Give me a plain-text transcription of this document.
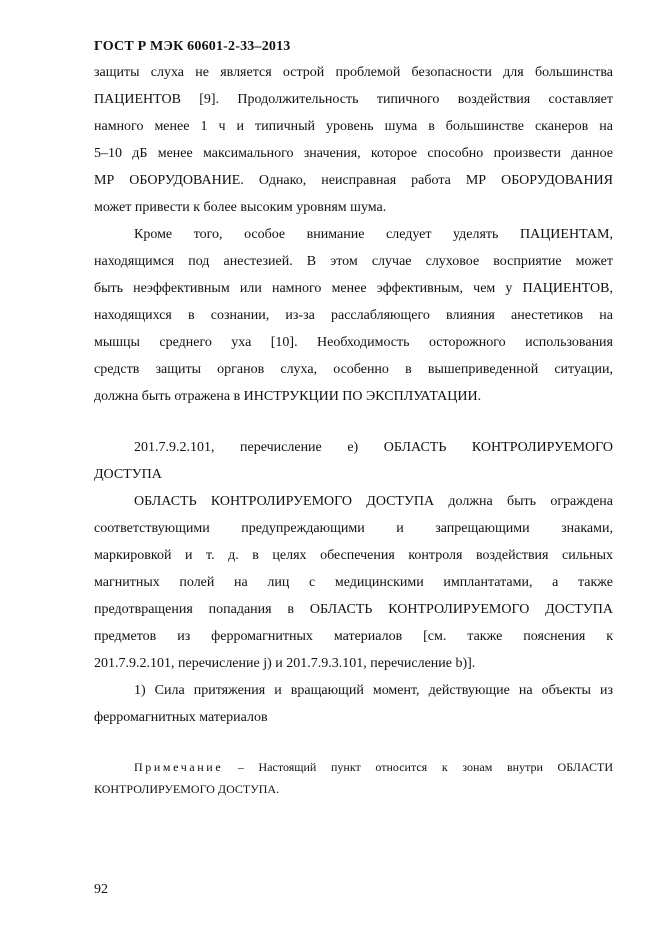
ГОСТ Р МЭК 60601-2-33–2013
защиты слуха не является острой проблемой безопасности для большинства
ПАЦИЕНТОВ [9]. Продолжительность типичного воздействия составляет
намного менее 1 ч и типичный уровень шума в большинстве сканеров на
5–10 дБ менее максимального значения, которое способно произвести данное
МР ОБОРУДОВАНИЕ. Однако, неисправная работа МР ОБОРУДОВАНИЯ
может привести к более высоким уровням шума.
Кроме того, особое внимание следует уделять ПАЦИЕНТАМ,
находящимся под анестезией. В этом случае слуховое восприятие может
быть неэффективным или намного менее эффективным, чем у ПАЦИЕНТОВ,
находящихся в сознании, из-за расслабляющего влияния анестетиков на
мышцы среднего уха [10]. Необходимость осторожного использования
средств защиты органов слуха, особенно в вышеприведенной ситуации,
должна быть отражена в ИНСТРУКЦИИ ПО ЭКСПЛУАТАЦИИ.
201.7.9.2.101, перечисление e) ОБЛАСТЬ КОНТРОЛИРУЕМОГО
ДОСТУПА
ОБЛАСТЬ КОНТРОЛИРУЕМОГО ДОСТУПА должна быть ограждена
соответствующими предупреждающими и запрещающими знаками,
маркировкой и т. д. в целях обеспечения контроля воздействия сильных
магнитных полей на лиц с медицинскими имплантатами, а также
предотвращения попадания в ОБЛАСТЬ КОНТРОЛИРУЕМОГО ДОСТУПА
предметов из ферромагнитных материалов [см. также пояснения к
201.7.9.2.101, перечисление j) и 201.7.9.3.101, перечисление b)].
1) Сила притяжения и вращающий момент, действующие на объекты из
ферромагнитных материалов
Примечание – Настоящий пункт относится к зонам внутри ОБЛАСТИ
КОНТРОЛИРУЕМОГО ДОСТУПА.
92
